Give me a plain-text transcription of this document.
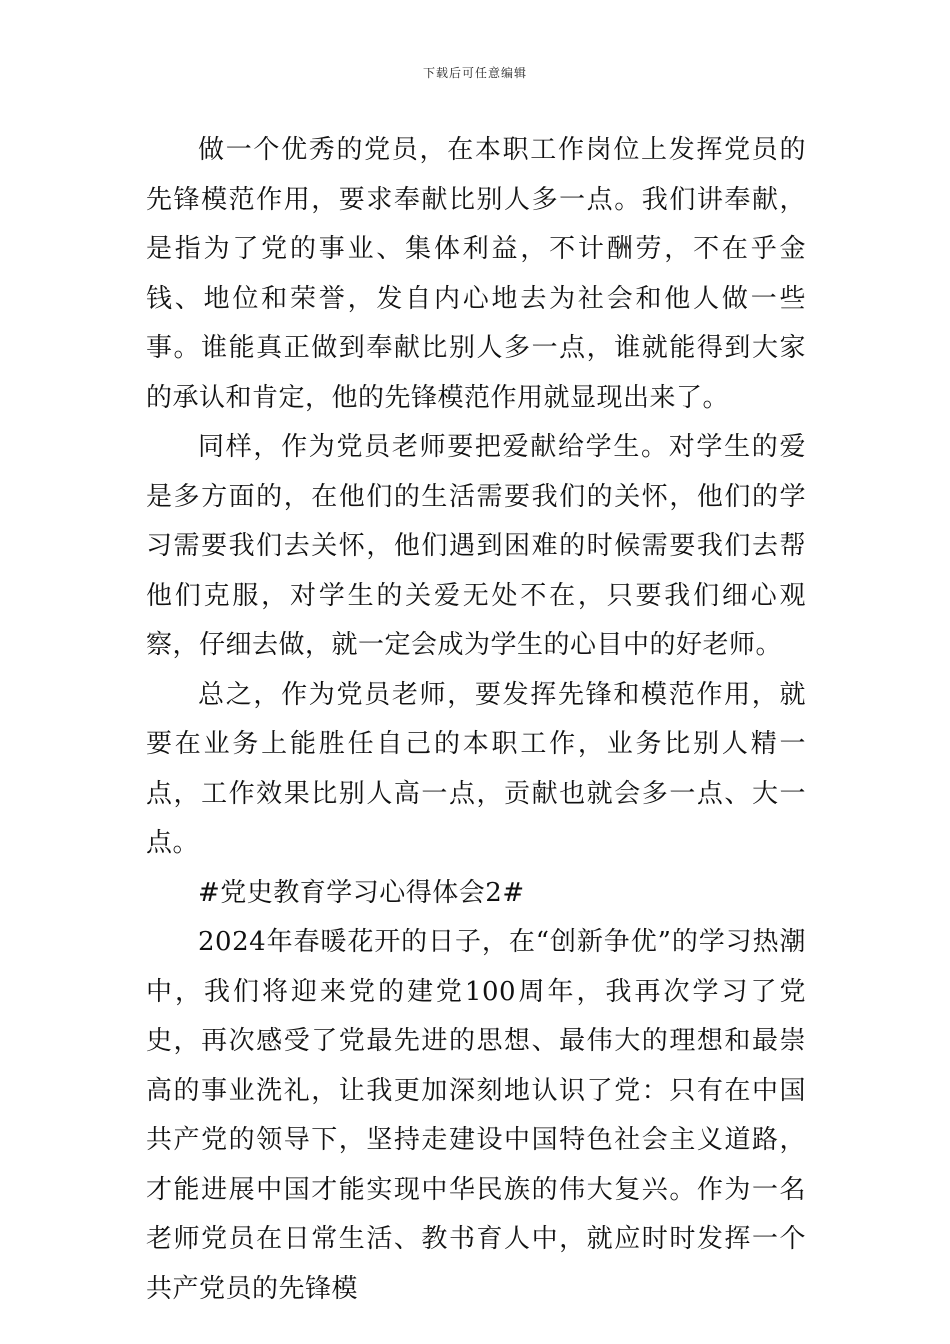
下载后可任意编辑

做一个优秀的党员，在本职工作岗位上发挥党员的先锋模范作用，要求奉献比别人多一点。我们讲奉献，是指为了党的事业、集体利益，不计酬劳，不在乎金钱、地位和荣誉，发自内心地去为社会和他人做一些事。谁能真正做到奉献比别人多一点，谁就能得到大家的承认和肯定，他的先锋模范作用就显现出来了。

同样，作为党员老师要把爱献给学生。对学生的爱是多方面的，在他们的生活需要我们的关怀，他们的学习需要我们去关怀，他们遇到困难的时候需要我们去帮他们克服，对学生的关爱无处不在，只要我们细心观察，仔细去做，就一定会成为学生的心目中的好老师。

总之，作为党员老师，要发挥先锋和模范作用，就要在业务上能胜任自己的本职工作，业务比别人精一点，工作效果比别人高一点，贡献也就会多一点、大一点。

#党史教育学习心得体会2#

2024年春暖花开的日子，在“创新争优”的学习热潮中，我们将迎来党的建党100周年，我再次学习了党史，再次感受了党最先进的思想、最伟大的理想和最崇高的事业洗礼，让我更加深刻地认识了党：只有在中国共产党的领导下，坚持走建设中国特色社会主义道路，才能进展中国才能实现中华民族的伟大复兴。作为一名老师党员在日常生活、教书育人中，就应时时发挥一个共产党员的先锋模
